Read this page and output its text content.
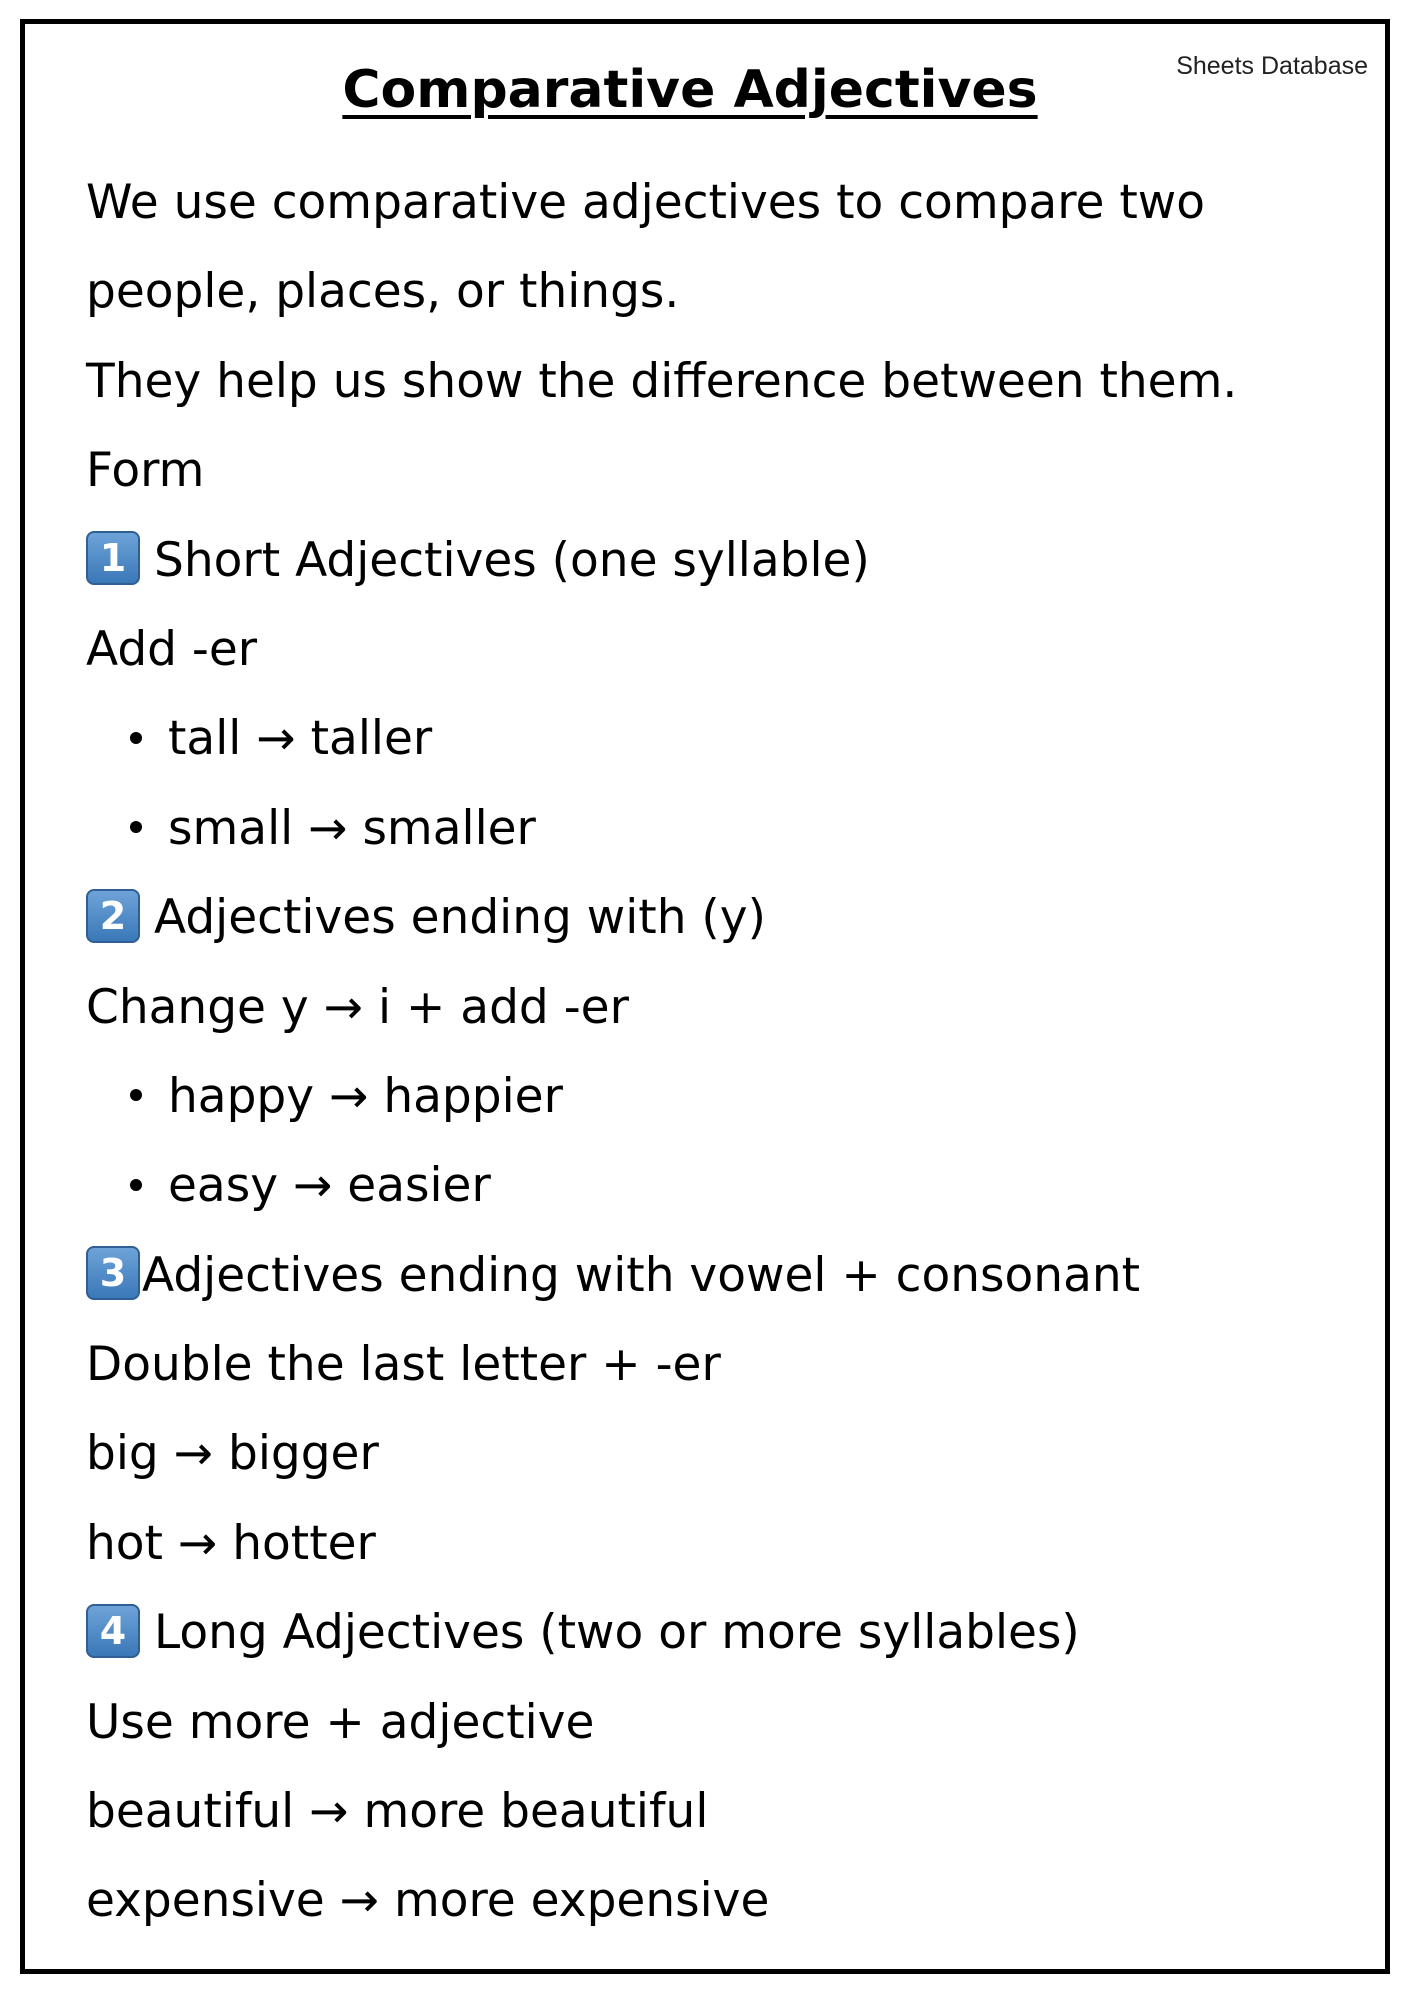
Sheets Database
Comparative Adjectives
We use comparative adjectives to compare two
people, places, or things.
They help us show the difference between them.
Form
1 Short Adjectives (one syllable)
Add -er
tall → taller
small → smaller
2 Adjectives ending with (y)
Change y → i + add -er
happy → happier
easy → easier
3 Adjectives ending with vowel + consonant
Double the last letter + -er
big → bigger
hot → hotter
4 Long Adjectives (two or more syllables)
Use more + adjective
beautiful → more beautiful
expensive → more expensive
